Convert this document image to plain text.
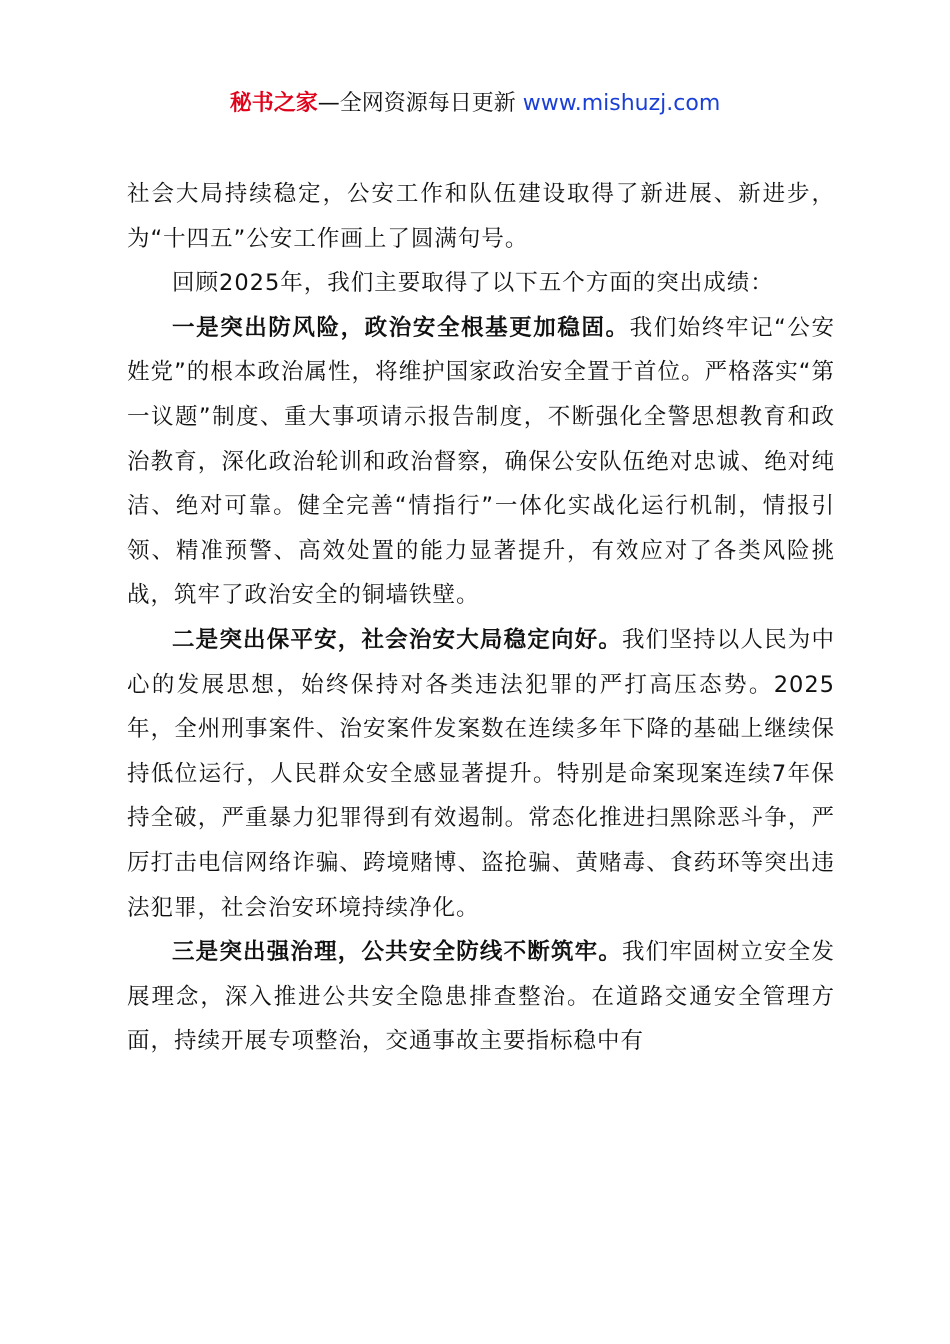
秘书之家—全网资源每日更新 www.mishuzj.com

社会大局持续稳定，公安工作和队伍建设取得了新进展、新进步，为“十四五”公安工作画上了圆满句号。

回顾2025年，我们主要取得了以下五个方面的突出成绩：

一是突出防风险，政治安全根基更加稳固。我们始终牢记“公安姓党”的根本政治属性，将维护国家政治安全置于首位。严格落实“第一议题”制度、重大事项请示报告制度，不断强化全警思想教育和政治教育，深化政治轮训和政治督察，确保公安队伍绝对忠诚、绝对纯洁、绝对可靠。健全完善“情指行”一体化实战化运行机制，情报引领、精准预警、高效处置的能力显著提升，有效应对了各类风险挑战，筑牢了政治安全的铜墙铁壁。

二是突出保平安，社会治安大局稳定向好。我们坚持以人民为中心的发展思想，始终保持对各类违法犯罪的严打高压态势。2025年，全州刑事案件、治安案件发案数在连续多年下降的基础上继续保持低位运行，人民群众安全感显著提升。特别是命案现案连续7年保持全破，严重暴力犯罪得到有效遏制。常态化推进扫黑除恶斗争，严厉打击电信网络诈骗、跨境赌博、盗抢骗、黄赌毒、食药环等突出违法犯罪，社会治安环境持续净化。

三是突出强治理，公共安全防线不断筑牢。我们牢固树立安全发展理念，深入推进公共安全隐患排查整治。在道路交通安全管理方面，持续开展专项整治，交通事故主要指标稳中有
